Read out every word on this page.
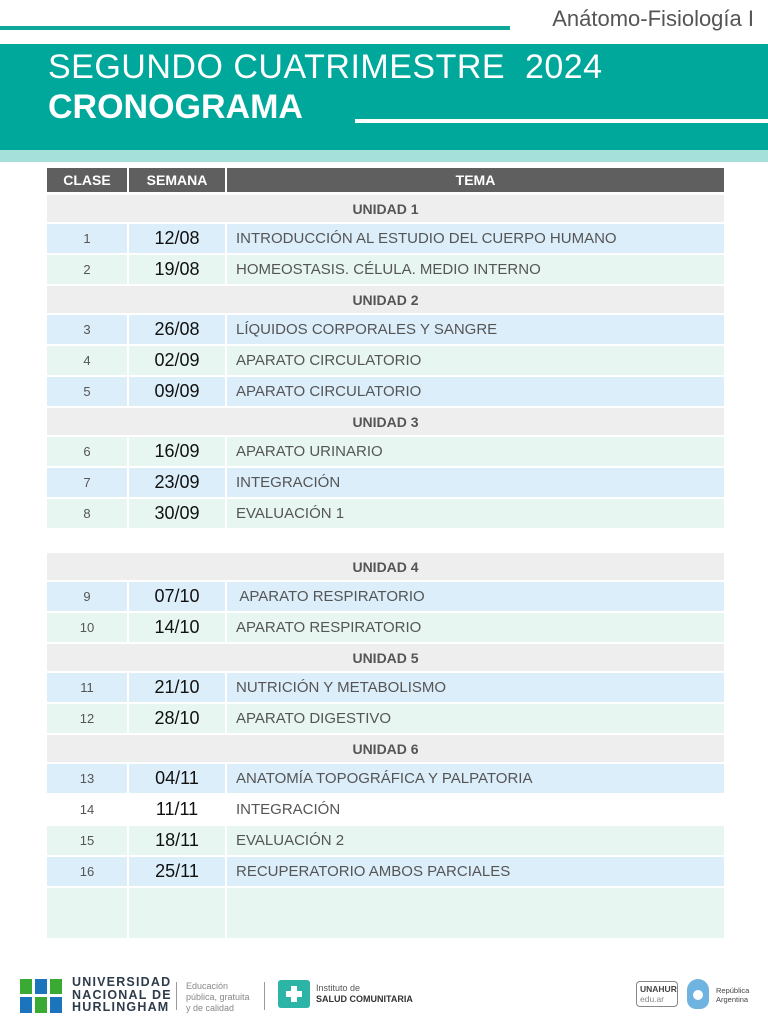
Anátomo-Fisiología I
SEGUNDO CUATRIMESTRE  2024
CRONOGRAMA
CLASE	SEMANA	TEMA
UNIDAD 1		
1	12/08	INTRODUCCIÓN AL ESTUDIO DEL CUERPO HUMANO
2	19/08	HOMEOSTASIS. CÉLULA. MEDIO INTERNO
UNIDAD 2		
3	26/08	LÍQUIDOS CORPORALES Y SANGRE
4	02/09	APARATO CIRCULATORIO
5	09/09	APARATO CIRCULATORIO
UNIDAD 3		
6	16/09	APARATO URINARIO
7	23/09	INTEGRACIÓN
8	30/09	EVALUACIÓN 1
UNIDAD 4		
9	07/10	APARATO RESPIRATORIO
10	14/10	APARATO RESPIRATORIO
UNIDAD 5		
11	21/10	NUTRICIÓN Y METABOLISMO
12	28/10	APARATO DIGESTIVO
UNIDAD 6		
13	04/11	ANATOMÍA TOPOGRÁFICA Y PALPATORIA
14	11/11	INTEGRACIÓN
15	18/11	EVALUACIÓN 2
16	25/11	RECUPERATORIO AMBOS PARCIALES

UNIVERSIDAD
NACIONAL DE
HURLINGHAM
Educación
pública, gratuita
y de calidad
Instituto de
SALUD COMUNITARIA
UNAHUR
edu.ar
República
Argentina
